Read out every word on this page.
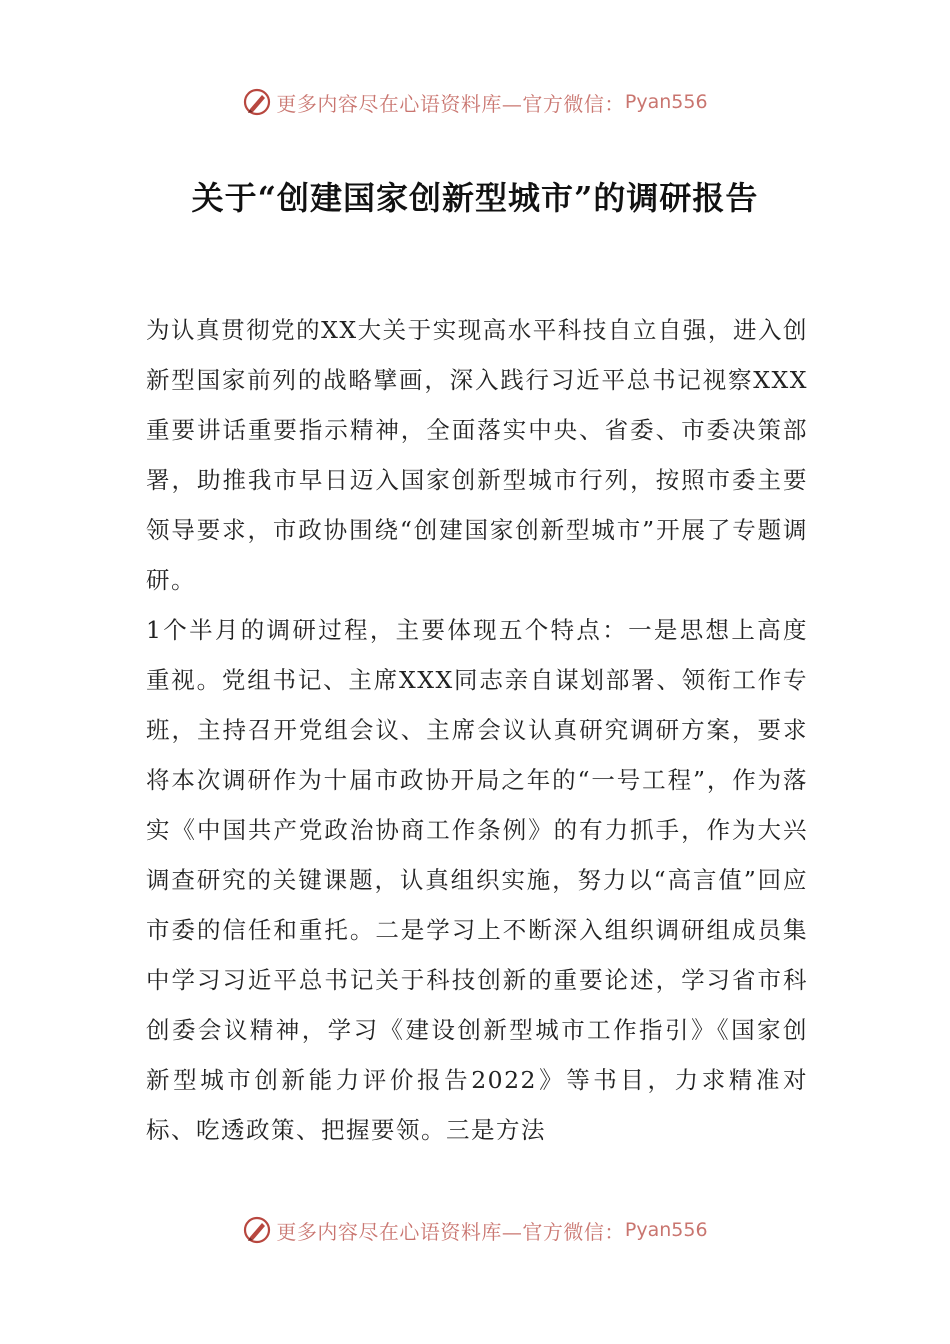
更多内容尽在心语资料库—官方微信： Pyan556
关于“创建国家创新型城市”的调研报告

为认真贯彻党的XX大关于实现高水平科技自立自强，进入创新型国家前列的战略擘画，深入践行习近平总书记视察XXX重要讲话重要指示精神，全面落实中央、省委、市委决策部署，助推我市早日迈入国家创新型城市行列，按照市委主要领导要求，市政协围绕“创建国家创新型城市”开展了专题调研。

1个半月的调研过程，主要体现五个特点：一是思想上高度重视。党组书记、主席XXX同志亲自谋划部署、领衔工作专班，主持召开党组会议、主席会议认真研究调研方案，要求将本次调研作为十届市政协开局之年的“一号工程”，作为落实《中国共产党政治协商工作条例》的有力抓手，作为大兴调查研究的关键课题，认真组织实施，努力以“高言值”回应市委的信任和重托。二是学习上不断深入组织调研组成员集中学习习近平总书记关于科技创新的重要论述，学习省市科创委会议精神，学习《建设创新型城市工作指引》《国家创新型城市创新能力评价报告2022》等书目，力求精准对标、吃透政策、把握要领。三是方法

更多内容尽在心语资料库—官方微信： Pyan556
